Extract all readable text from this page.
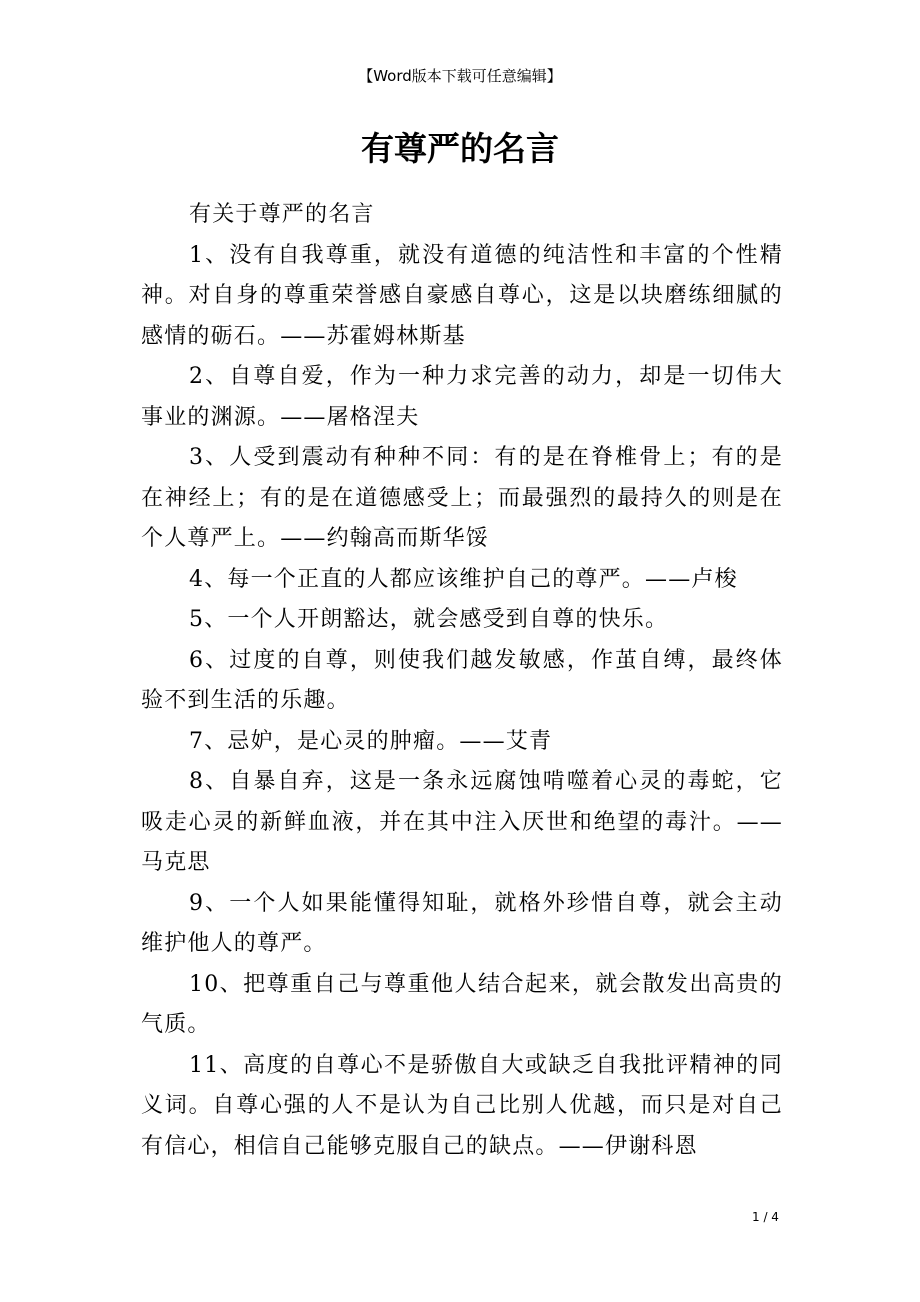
【Word版本下载可任意编辑】
有尊严的名言

有关于尊严的名言

1、没有自我尊重，就没有道德的纯洁性和丰富的个性精神。对自身的尊重荣誉感自豪感自尊心，这是以块磨练细腻的感情的砺石。——苏霍姆林斯基

2、自尊自爱，作为一种力求完善的动力，却是一切伟大事业的渊源。——屠格涅夫

3、人受到震动有种种不同：有的是在脊椎骨上；有的是在神经上；有的是在道德感受上；而最强烈的最持久的则是在个人尊严上。——约翰高而斯华馁

4、每一个正直的人都应该维护自己的尊严。——卢梭

5、一个人开朗豁达，就会感受到自尊的快乐。

6、过度的自尊，则使我们越发敏感，作茧自缚，最终体验不到生活的乐趣。

7、忌妒，是心灵的肿瘤。——艾青

8、自暴自弃，这是一条永远腐蚀啃噬着心灵的毒蛇，它吸走心灵的新鲜血液，并在其中注入厌世和绝望的毒汁。——马克思

9、一个人如果能懂得知耻，就格外珍惜自尊，就会主动维护他人的尊严。

10、把尊重自己与尊重他人结合起来，就会散发出高贵的气质。

11、高度的自尊心不是骄傲自大或缺乏自我批评精神的同义词。自尊心强的人不是认为自己比别人优越，而只是对自己有信心，相信自己能够克服自己的缺点。——伊谢科恩

1 / 4
